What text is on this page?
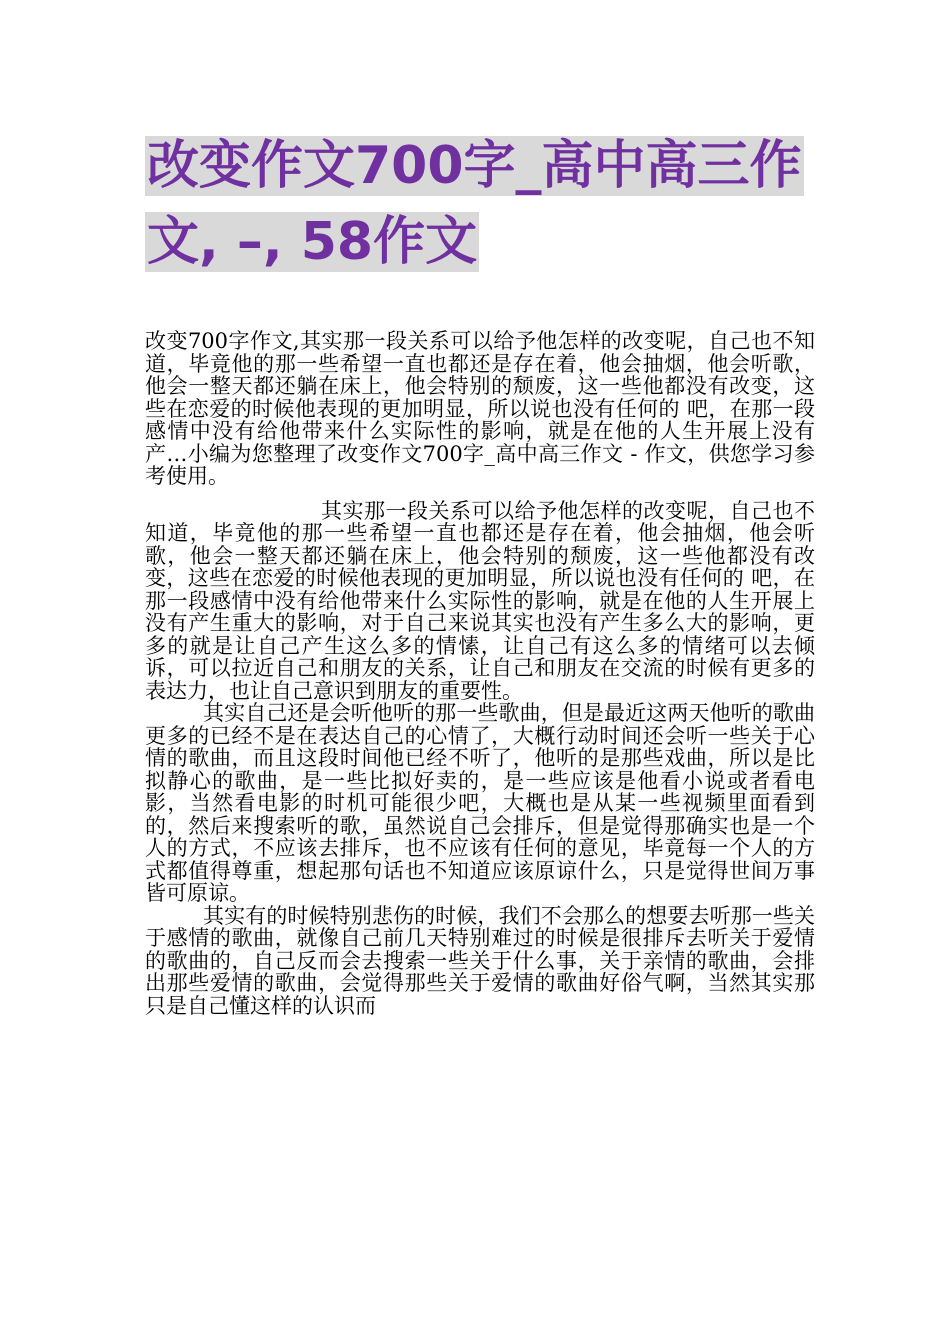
改变作文700字_高中高三作文, –, 58作文

改变700字作文,其实那一段关系可以给予他怎样的改变呢，自己也不知道，毕竟他的那一些希望一直也都还是存在着，他会抽烟，他会听歌，他会一整天都还躺在床上，他会特别的颓废，这一些他都没有改变，这些在恋爱的时候他表现的更加明显，所以说也没有任何的 吧，在那一段感情中没有给他带来什么实际性的影响，就是在他的人生开展上没有产…小编为您整理了改变作文700字_高中高三作文 - 作文，供您学习参考使用。

其实那一段关系可以给予他怎样的改变呢，自己也不知道，毕竟他的那一些希望一直也都还是存在着，他会抽烟，他会听歌，他会一整天都还躺在床上，他会特别的颓废，这一些他都没有改变，这些在恋爱的时候他表现的更加明显，所以说也没有任何的 吧，在那一段感情中没有给他带来什么实际性的影响，就是在他的人生开展上没有产生重大的影响，对于自己来说其实也没有产生多么大的影响，更多的就是让自己产生这么多的情愫，让自己有这么多的情绪可以去倾诉，可以拉近自己和朋友的关系，让自己和朋友在交流的时候有更多的表达力，也让自己意识到朋友的重要性。

其实自己还是会听他听的那一些歌曲，但是最近这两天他听的歌曲更多的已经不是在表达自己的心情了，大概行动时间还会听一些关于心情的歌曲，而且这段时间他已经不听了，他听的是那些戏曲，所以是比拟静心的歌曲，是一些比拟好卖的，是一些应该是他看小说或者看电影，当然看电影的时机可能很少吧，大概也是从某一些视频里面看到的，然后来搜索听的歌，虽然说自己会排斥，但是觉得那确实也是一个人的方式，不应该去排斥，也不应该有任何的意见，毕竟每一个人的方式都值得尊重，想起那句话也不知道应该原谅什么，只是觉得世间万事皆可原谅。

其实有的时候特别悲伤的时候，我们不会那么的想要去听那一些关于感情的歌曲，就像自己前几天特别难过的时候是很排斥去听关于爱情的歌曲的，自己反而会去搜索一些关于什么事，关于亲情的歌曲，会排出那些爱情的歌曲，会觉得那些关于爱情的歌曲好俗气啊，当然其实那只是自己懂这样的认识而
